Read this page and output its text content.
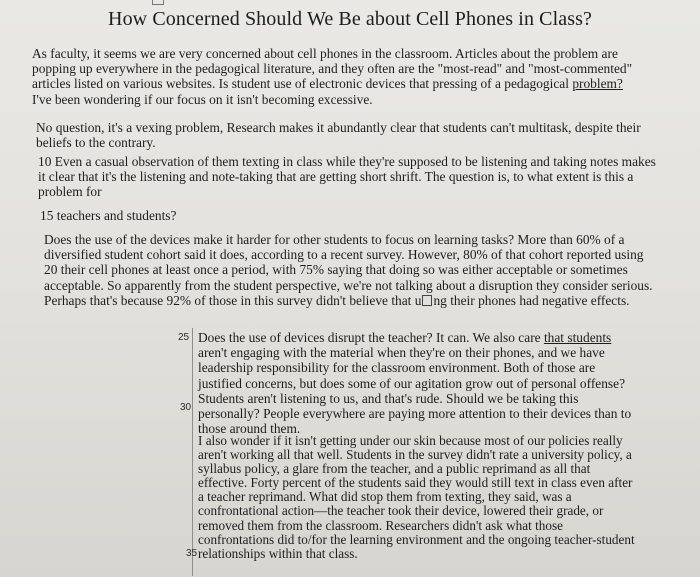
How Concerned Should We Be about Cell Phones in Class?

As faculty, it seems we are very concerned about cell phones in the classroom. Articles about the problem are popping up everywhere in the pedagogical literature, and they often are the "most-read" and "most-commented" articles listed on various websites. Is student use of electronic devices that pressing of a pedagogical problem?
I've been wondering if our focus on it isn't becoming excessive.

No question, it's a vexing problem, Research makes it abundantly clear that students can't multitask, despite their beliefs to the contrary.

10 Even a casual observation of them texting in class while they're supposed to be listening and taking notes makes it clear that it's the listening and note-taking that are getting short shrift. The question is, to what extent is this a problem for

15 teachers and students?

Does the use of the devices make it harder for other students to focus on learning tasks? More than 60% of a diversified student cohort said it does, according to a recent survey. However, 80% of that cohort reported using 20 their cell phones at least once a period, with 75% saying that doing so was either acceptable or sometimes acceptable. So apparently from the student perspective, we're not talking about a disruption they consider serious. Perhaps that's because 92% of those in this survey didn't believe that u ng their phones had negative effects.

25
30
35

Does the use of devices disrupt the teacher? It can. We also care that students aren't engaging with the material when they're on their phones, and we have leadership responsibility for the classroom environment. Both of those are justified concerns, but does some of our agitation grow out of personal offense? Students aren't listening to us, and that's rude. Should we be taking this personally? People everywhere are paying more attention to their devices than to those around them.

I also wonder if it isn't getting under our skin because most of our policies really aren't working all that well. Students in the survey didn't rate a university policy, a syllabus policy, a glare from the teacher, and a public reprimand as all that effective. Forty percent of the students said they would still text in class even after a teacher reprimand. What did stop them from texting, they said, was a confrontational action—the teacher took their device, lowered their grade, or removed them from the classroom. Researchers didn't ask what those confrontations did to/for the learning environment and the ongoing teacher-student relationships within that class.
